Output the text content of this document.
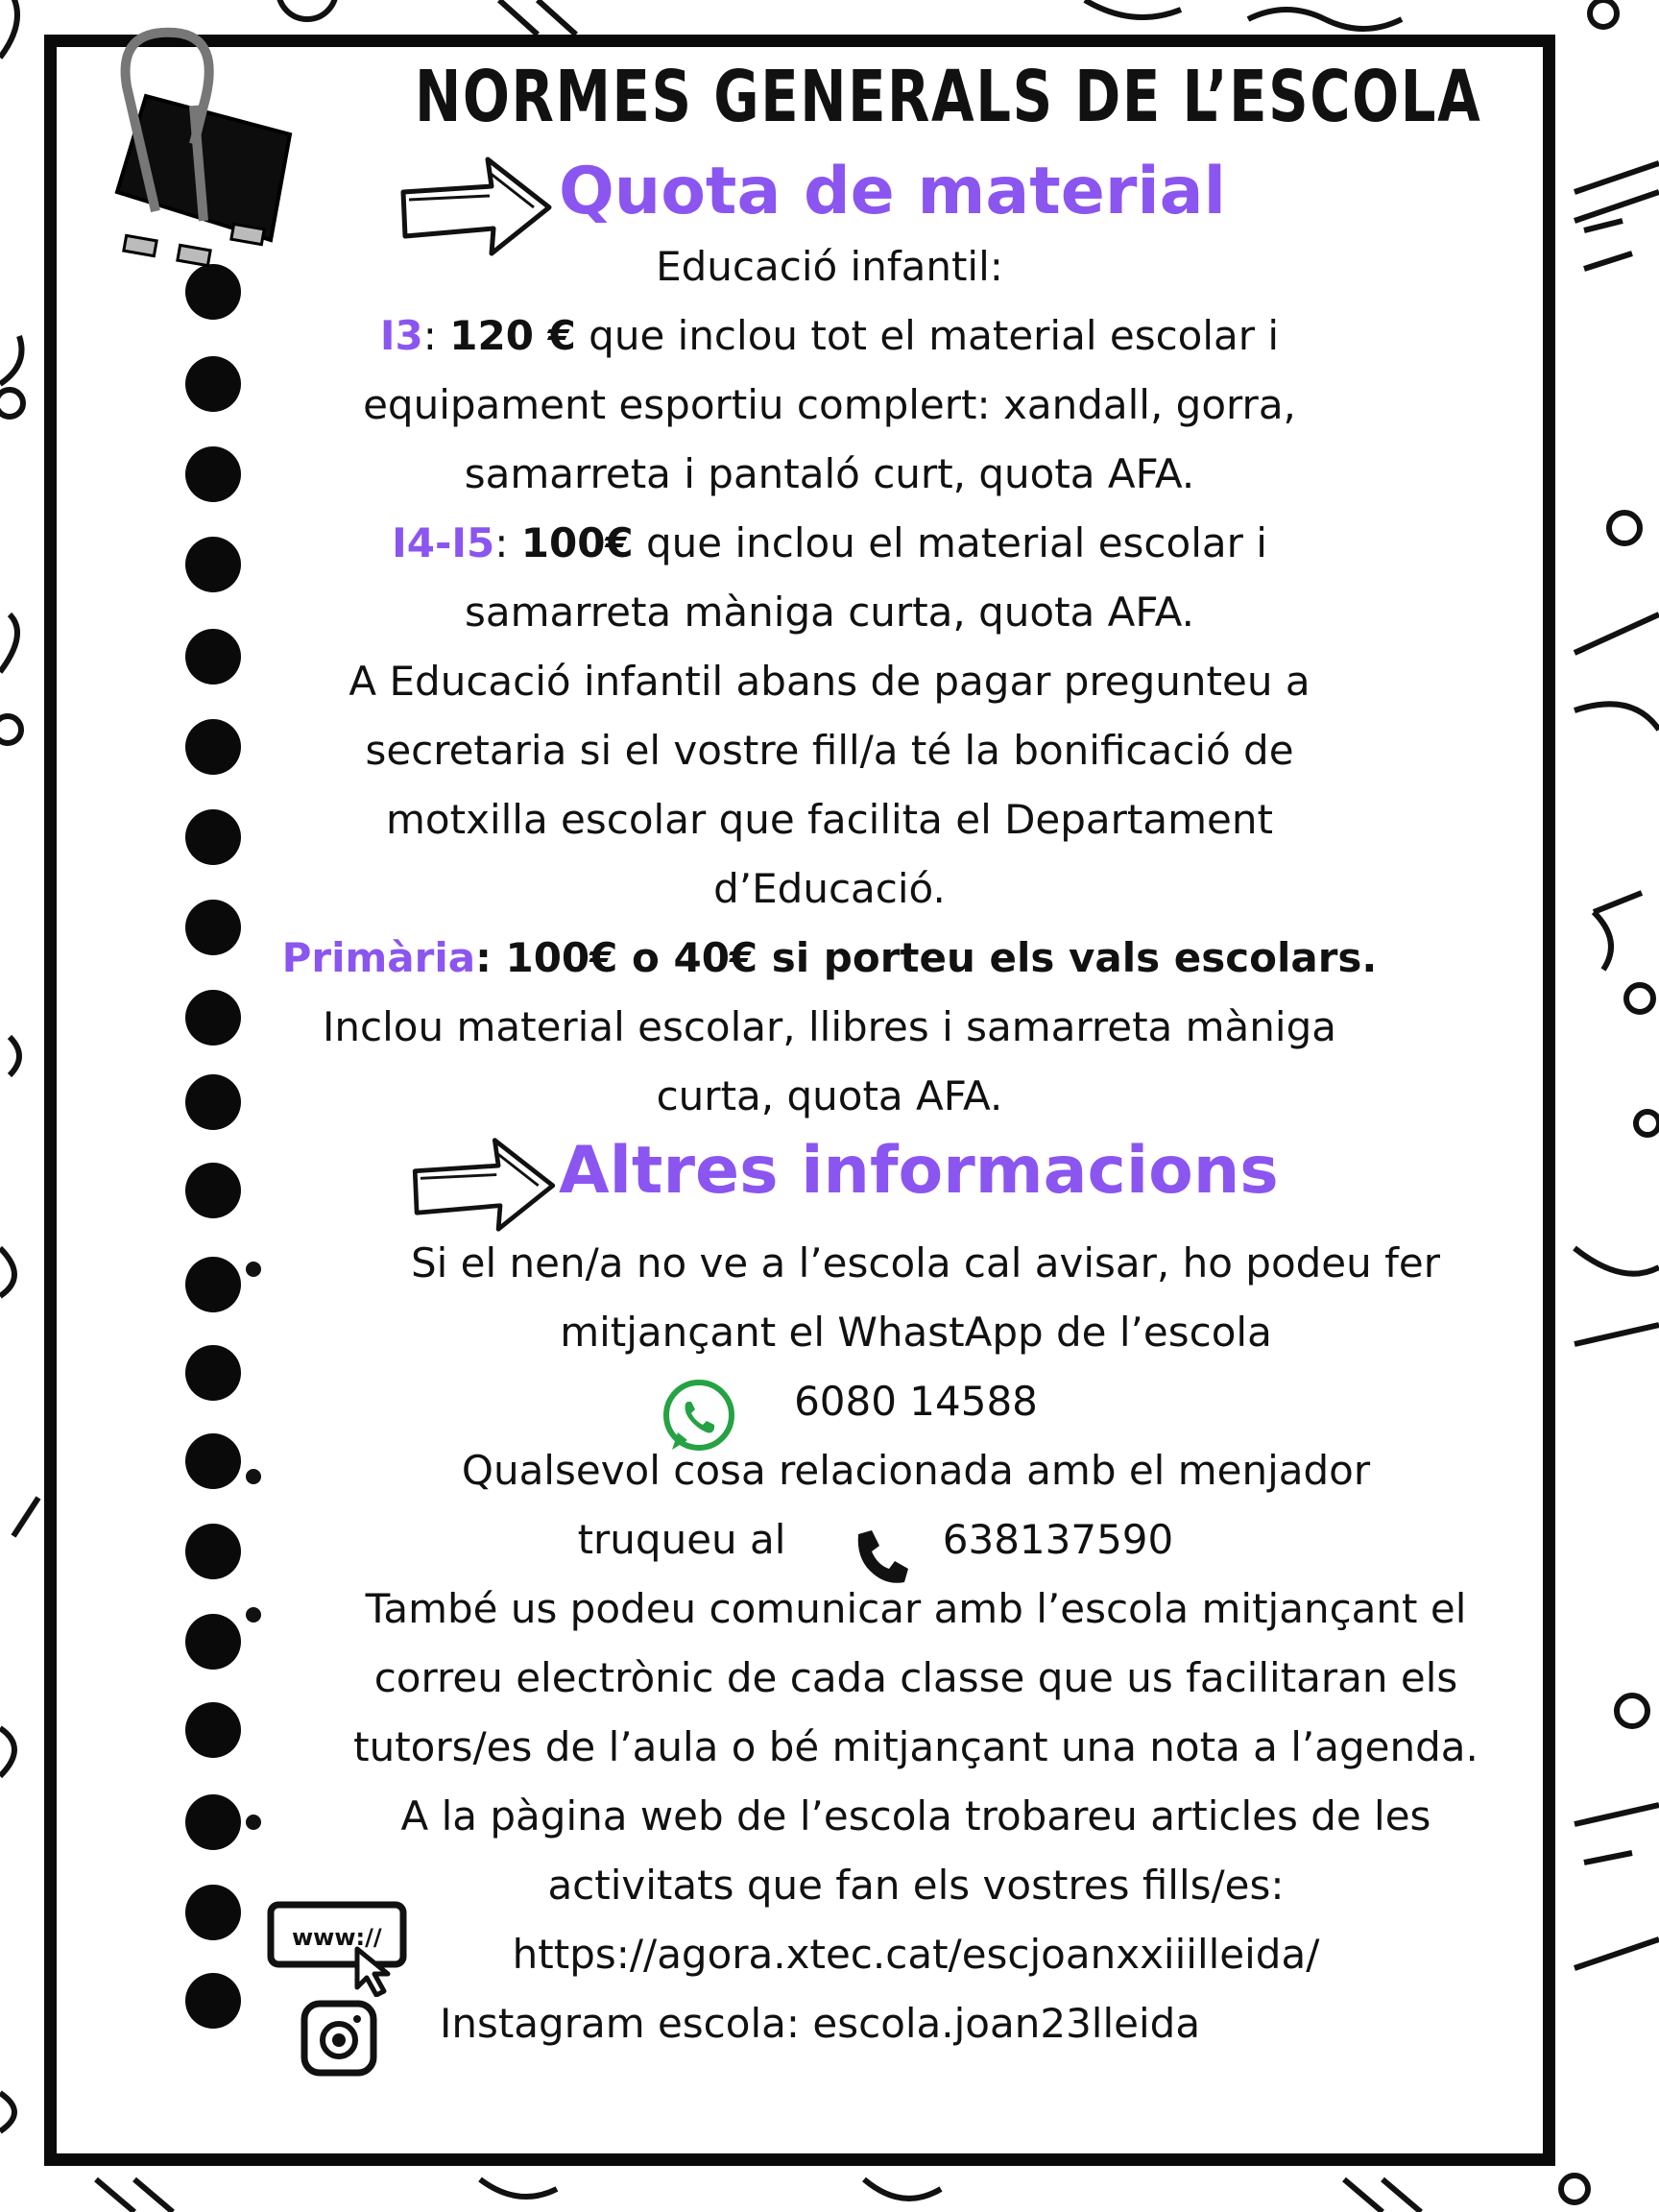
NORMES GENERALS DE L’ESCOLA
Quota de material
Educació infantil:
I3: 120 € que inclou tot el material escolar i
equipament esportiu complert: xandall, gorra,
samarreta i pantaló curt, quota AFA.
I4-I5: 100€ que inclou el material escolar i
samarreta màniga curta, quota AFA.
A Educació infantil abans de pagar pregunteu a
secretaria si el vostre fill/a té la bonificació de
motxilla escolar que facilita el Departament
d’Educació.
Primària: 100€ o 40€ si porteu els vals escolars.
Inclou material escolar, llibres i samarreta màniga
curta, quota AFA.
Altres informacions
Si el nen/a no ve a l’escola cal avisar, ho podeu fer
mitjançant el WhastApp de l’escola
6080 14588
Qualsevol cosa relacionada amb el menjador
truqueu al	638137590
També us podeu comunicar amb l’escola mitjançant el
correu electrònic de cada classe que us facilitaran els
tutors/es de l’aula o bé mitjançant una nota a l’agenda.
A la pàgina web de l’escola trobareu articles de les
activitats que fan els vostres fills/es:
www://	https://agora.xtec.cat/escjoanxxiiilleida/
Instagram escola: escola.joan23lleida
